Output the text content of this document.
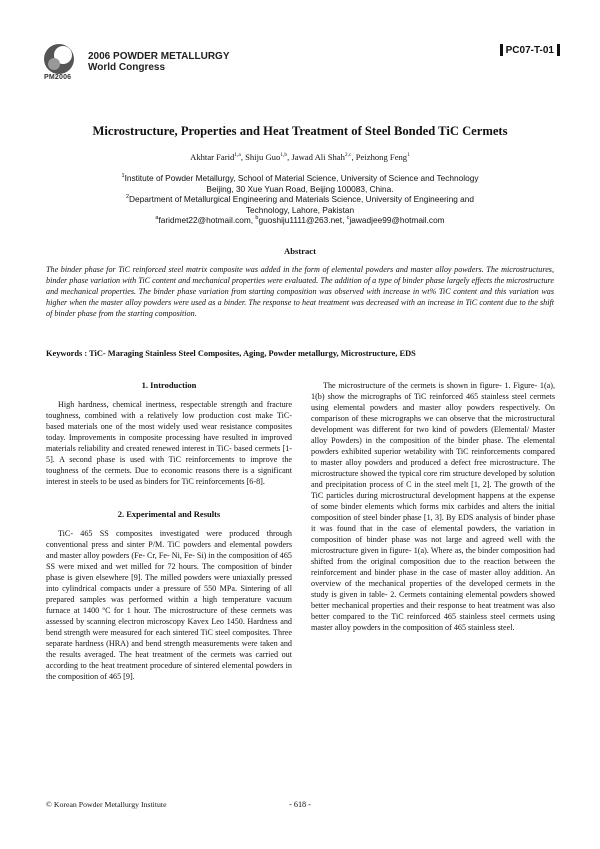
PM2006
2006 POWDER METALLURGY
World Congress
PC07-T-01
Microstructure, Properties and Heat Treatment of Steel Bonded TiC Cermets
Akhtar Farid$^{1,a}$, Shiju Guo$^{1,b}$, Jawad Ali Shah$^{2,c}$, Peizhong Feng$^1$
$^1$Institute of Powder Metallurgy, School of Material Science, University of Science and Technology Beijing, 30 Xue Yuan Road, Beijing 100083, China.
$^2$Department of Metallurgical Engineering and Materials Science, University of Engineering and Technology, Lahore, Pakistan
$^a$faridmet22@hotmail.com, $^b$guoshiju1111@263.net, $^c$jawadjee99@hotmail.com
Abstract
The binder phase for TiC reinforced steel matrix composite was added in the form of elemental powders and master alloy powders. The microstructures, binder phase variation with TiC content and mechanical properties were evaluated. The addition of a type of binder phase largely effects the microstructure and mechanical properties. The binder phase variation from starting composition was observed with increase in wt% TiC content and this variation was higher when the master alloy powders were used as a binder. The response to heat treatment was decreased with an increase in TiC content due to the shift of binder phase from the starting composition.
Keywords : TiC- Maraging Stainless Steel Composites, Aging, Powder metallurgy, Microstructure, EDS
1. Introduction
High hardness, chemical inertness, respectable strength and fracture toughness, combined with a relatively low production cost make TiC- based materials one of the most widely used wear resistance composites today. Improvements in composite processing have resulted in improved materials reliability and created renewed interest in TiC- based cermets [1-5]. A second phase is used with TiC reinforcements to improve the toughness of the cermets. Due to economic reasons there is a significant interest in steels to be used as binders for TiC reinforcements [6-8].
2. Experimental and Results
TiC- 465 SS composites investigated were produced through conventional press and sinter P/M. TiC powders and elemental powders and master alloy powders (Fe- Cr, Fe- Ni, Fe- Si) in the composition of 465 SS were mixed and wet milled for 72 hours. The composition of binder phase is given elsewhere [9]. The milled powders were uniaxially pressed into cylindrical compacts under a pressure of 550 MPa. Sintering of all prepared samples was performed within a high temperature vacuum furnace at 1400 ºC for 1 hour. The microstructure of these cermets was assessed by scanning electron microscopy Kavex Leo 1450. Hardness and bend strength were measured for each sintered TiC steel composites. Three separate hardness (HRA) and bend strength measurements were taken and the results averaged. The heat treatment of the cermets was carried out according to the heat treatment procedure of sintered elemental powders in the composition of 465 [9].
The microstructure of the cermets is shown in figure- 1. Figure- 1(a), 1(b) show the micrographs of TiC reinforced 465 stainless steel cermets using elemental powders and master alloy powders respectively. On comparison of these micrographs we can observe that the microstructural development was different for two kind of powders (Elemental/ Master alloy Powders) in the composition of the binder phase. The elemental powders exhibited superior wetability with TiC reinforcements compared to master alloy powders and produced a defect free microstructure. The microstructure showed the typical core rim structure developed by solution and precipitation process of C in the steel melt [1, 2]. The growth of the TiC particles during microstructural development happens at the expense of some binder elements which forms mix carbides and alters the initial composition of steel binder phase [1, 3]. By EDS analysis of binder phase it was found that in the case of elemental powders, the variation in composition of binder phase was not large and agreed well with the microstructure given in figure- 1(a). Where as, the binder composition had shifted from the original composition due to the reaction between the reinforcement and binder phase in the case of master alloy addition. An overview of the mechanical properties of the developed cermets in the study is given in table- 2. Cermets containing elemental powders showed better mechanical properties and their response to heat treatment was also better compared to the TiC reinforced 465 stainless steel cermets using master alloy powders in the composition of 465 stainless steel.
© Korean Powder Metallurgy Institute	- 618 -
